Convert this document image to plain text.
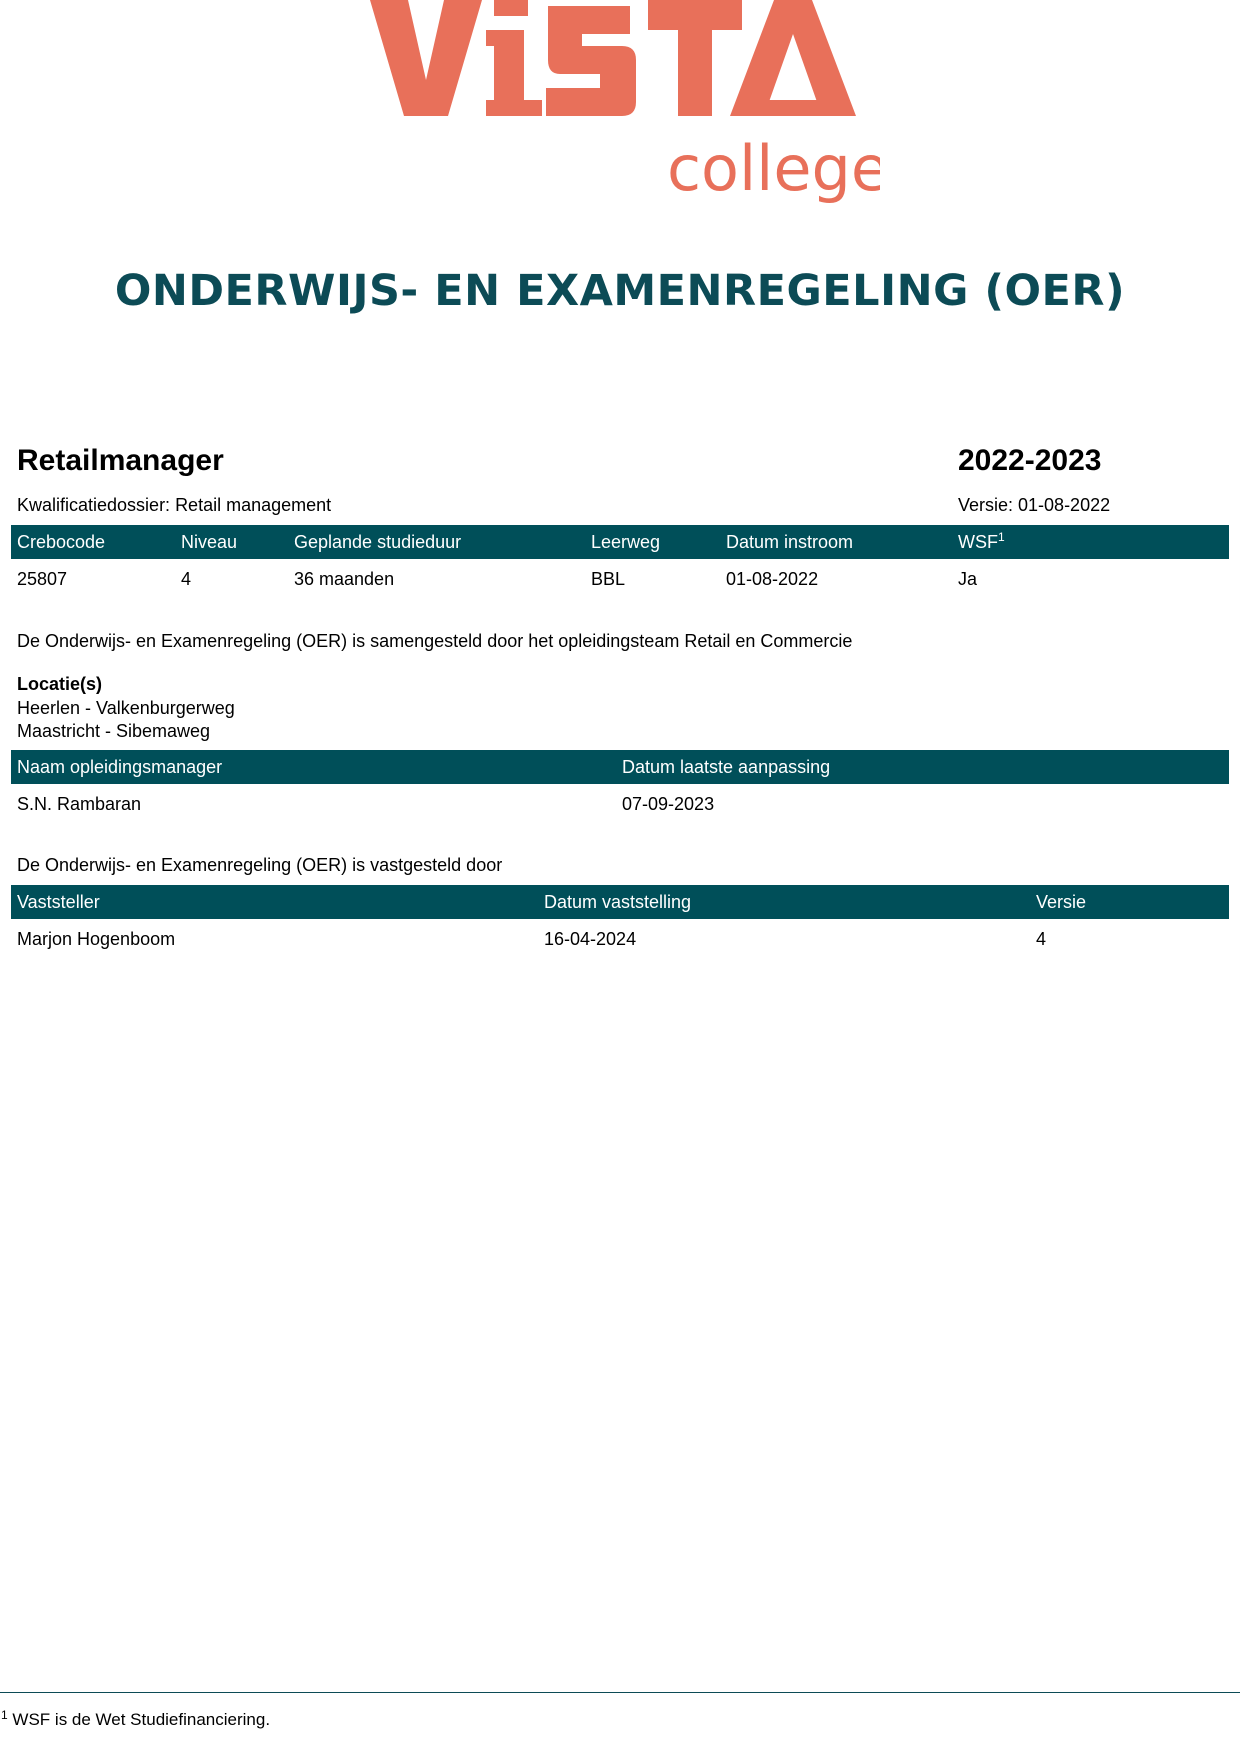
college
ONDERWIJS- EN EXAMENREGELING (OER)
Retailmanager	2022-2023
Kwalificatiedossier: Retail management	Versie: 01-08-2022
Crebocode	Niveau	Geplande studieduur	Leerweg	Datum instroom	WSF$^1$
25807	4	36 maanden	BBL	01-08-2022	Ja
De Onderwijs- en Examenregeling (OER) is samengesteld door het opleidingsteam Retail en Commercie
Locatie(s)
Heerlen - Valkenburgerweg
Maastricht - Sibemaweg
Naam opleidingsmanager	Datum laatste aanpassing
S.N. Rambaran	07-09-2023
De Onderwijs- en Examenregeling (OER) is vastgesteld door
Vaststeller	Datum vaststelling	Versie
Marjon Hogenboom	16-04-2024	4
$^1$ WSF is de Wet Studiefinanciering.
